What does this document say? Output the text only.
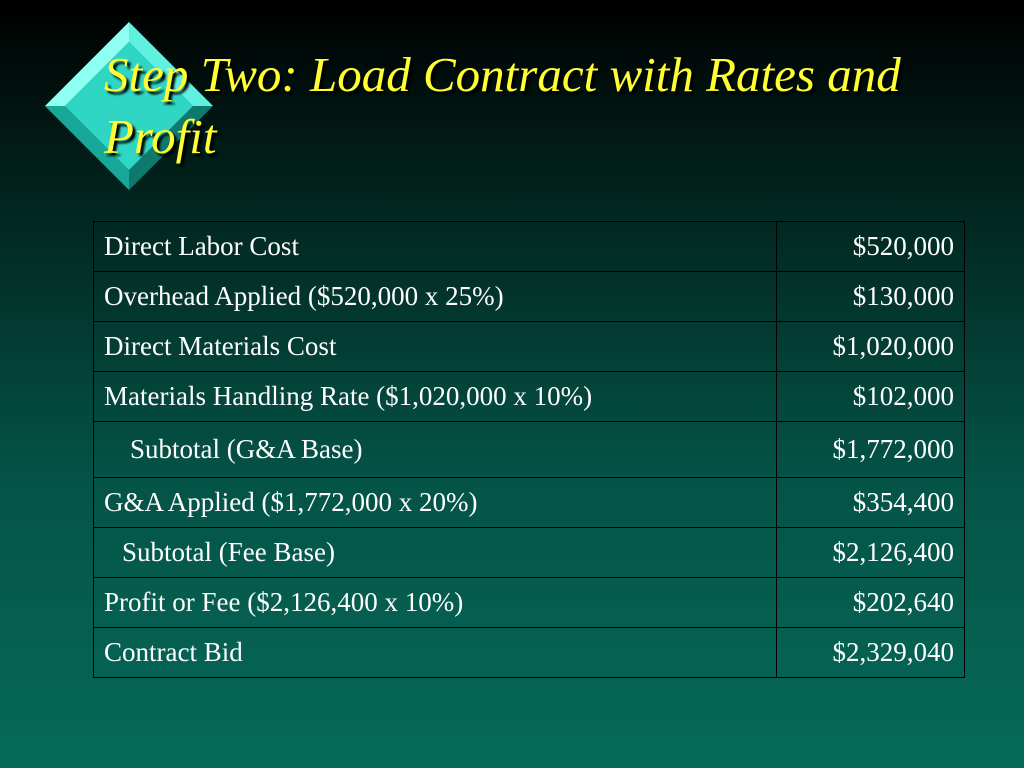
Step Two: Load Contract with Rates and Profit
Direct Labor Cost	$520,000
Overhead Applied ($520,000 x 25%)	$130,000
Direct Materials Cost	$1,020,000
Materials Handling Rate ($1,020,000 x 10%)	$102,000
Subtotal (G&A Base)	$1,772,000
G&A Applied ($1,772,000 x 20%)	$354,400
Subtotal (Fee Base)	$2,126,400
Profit or Fee ($2,126,400 x 10%)	$202,640
Contract Bid	$2,329,040
